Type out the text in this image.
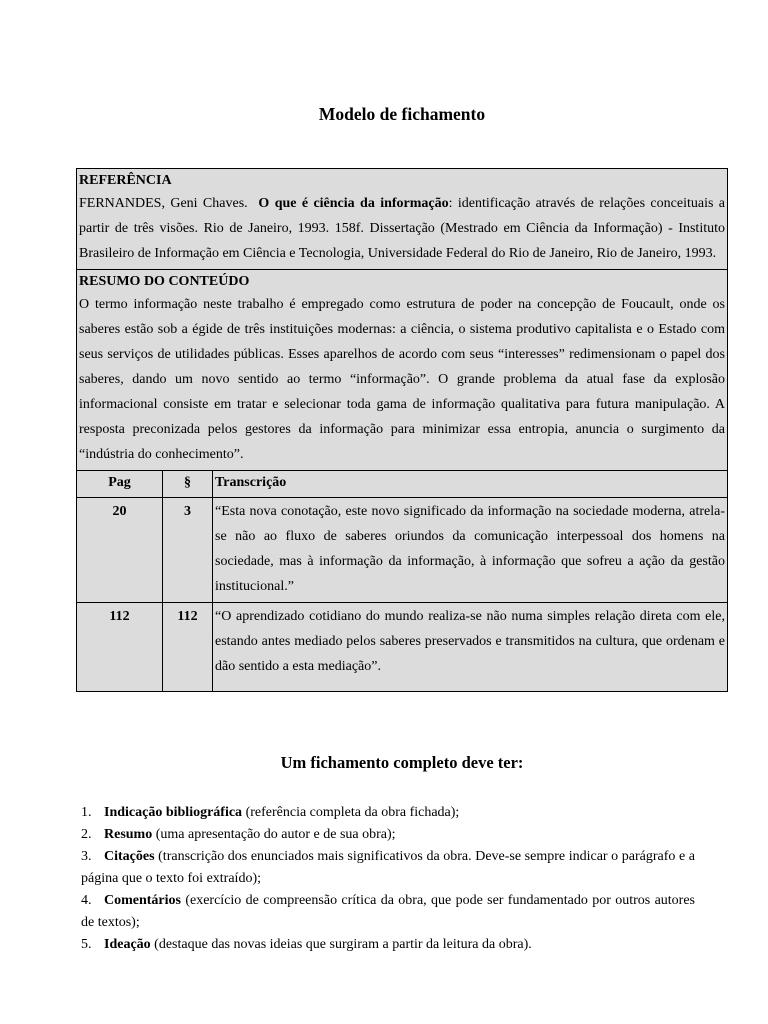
Modelo de fichamento
REFERÊNCIA
FERNANDES, Geni Chaves. O que é ciência da informação: identificação através de relações conceituais a partir de três visões. Rio de Janeiro, 1993. 158f. Dissertação (Mestrado em Ciência da Informação) - Instituto Brasileiro de Informação em Ciência e Tecnologia, Universidade Federal do Rio de Janeiro, Rio de Janeiro, 1993.		

RESUMO DO CONTEÚDO
O termo informação neste trabalho é empregado como estrutura de poder na concepção de Foucault, onde os saberes estão sob a égide de três instituições modernas: a ciência, o sistema produtivo capitalista e o Estado com seus serviços de utilidades públicas. Esses aparelhos de acordo com seus “interesses” redimensionam o papel dos saberes, dando um novo sentido ao termo “informação”. O grande problema da atual fase da explosão informacional consiste em tratar e selecionar toda gama de informação qualitativa para futura manipulação. A resposta preconizada pelos gestores da informação para minimizar essa entropia, anuncia o surgimento da “indústria do conhecimento”.		

Pag	§	Transcrição
20	3	“Esta nova conotação, este novo significado da informação na sociedade moderna, atrela-se não ao fluxo de saberes oriundos da comunicação interpessoal dos homens na sociedade, mas à informação da informação, à informação que sofreu a ação da gestão institucional.”

112	112	“O aprendizado cotidiano do mundo realiza-se não numa simples relação direta com ele, estando antes mediado pelos saberes preservados e transmitidos na cultura, que ordenam e dão sentido a esta mediação”.
Um fichamento completo deve ter:
1. Indicação bibliográfica (referência completa da obra fichada);
2. Resumo (uma apresentação do autor e de sua obra);
3. Citações (transcrição dos enunciados mais significativos da obra. Deve-se sempre indicar o parágrafo e a página que o texto foi extraído);
4. Comentários (exercício de compreensão crítica da obra, que pode ser fundamentado por outros autores de textos);
5. Ideação (destaque das novas ideias que surgiram a partir da leitura da obra).
